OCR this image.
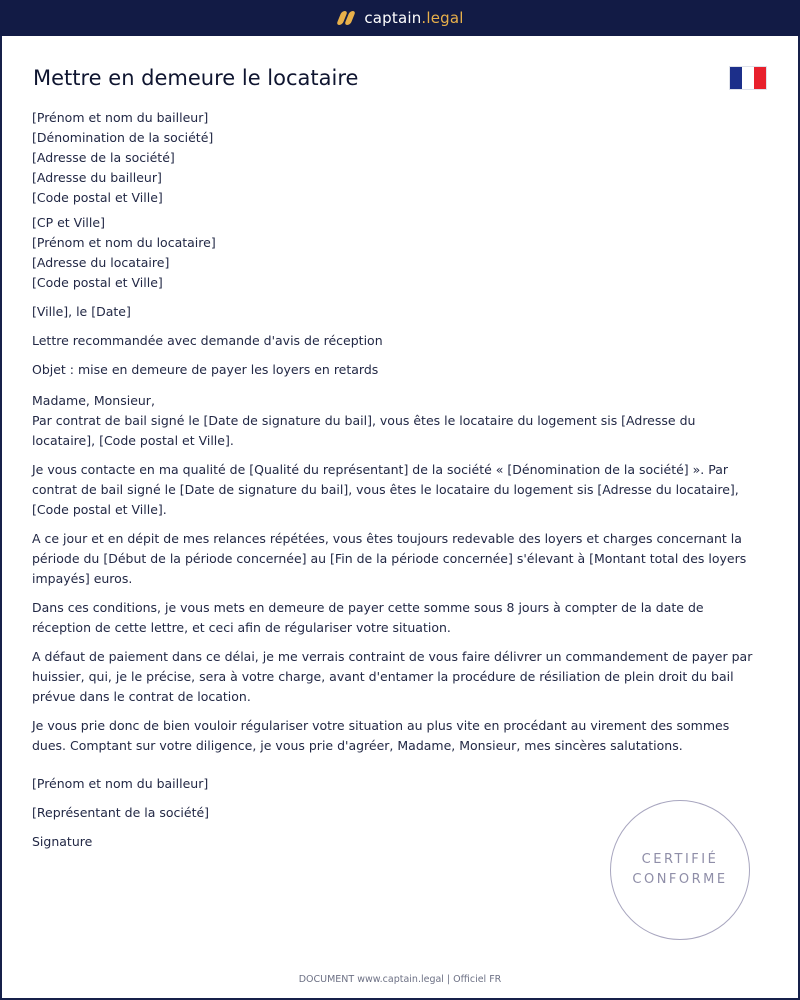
captain.legal
Mettre en demeure le locataire
[Prénom et nom du bailleur]
[Dénomination de la société]
[Adresse de la société]
[Adresse du bailleur]
[Code postal et Ville]
[CP et Ville]
[Prénom et nom du locataire]
[Adresse du locataire]
[Code postal et Ville]
[Ville], le [Date]
Lettre recommandée avec demande d'avis de réception
Objet : mise en demeure de payer les loyers en retards
Madame, Monsieur,
Par contrat de bail signé le [Date de signature du bail], vous êtes le locataire du logement sis [Adresse du locataire], [Code postal et Ville].
Je vous contacte en ma qualité de [Qualité du représentant] de la société « [Dénomination de la société] ». Par contrat de bail signé le [Date de signature du bail], vous êtes le locataire du logement sis [Adresse du locataire], [Code postal et Ville].
A ce jour et en dépit de mes relances répétées, vous êtes toujours redevable des loyers et charges concernant la période du [Début de la période concernée] au [Fin de la période concernée] s'élevant à [Montant total des loyers impayés] euros.
Dans ces conditions, je vous mets en demeure de payer cette somme sous 8 jours à compter de la date de réception de cette lettre, et ceci afin de régulariser votre situation.
A défaut de paiement dans ce délai, je me verrais contraint de vous faire délivrer un commandement de payer par huissier, qui, je le précise, sera à votre charge, avant d'entamer la procédure de résiliation de plein droit du bail prévue dans le contrat de location.
Je vous prie donc de bien vouloir régulariser votre situation au plus vite en procédant au virement des sommes dues. Comptant sur votre diligence, je vous prie d'agréer, Madame, Monsieur, mes sincères salutations.
[Prénom et nom du bailleur]
[Représentant de la société]
Signature
CERTIFIÉ
CONFORME
DOCUMENT www.captain.legal | Officiel FR
